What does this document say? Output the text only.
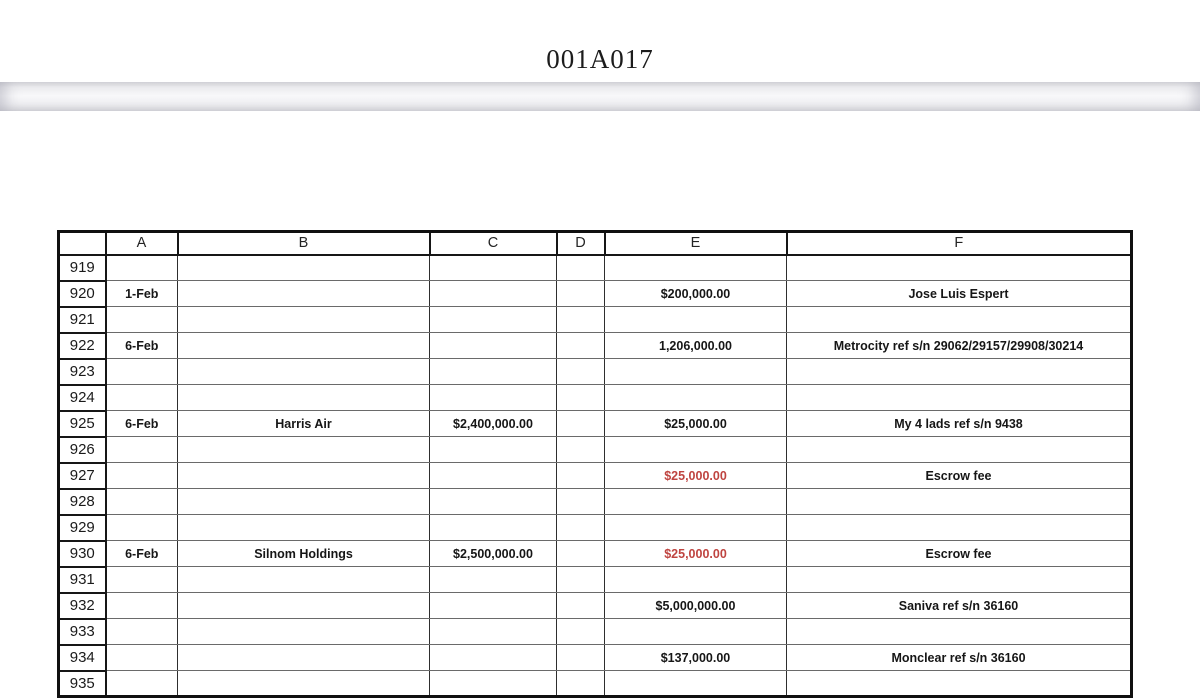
001A017
	A	B	C	D	E	F
919						
920	1-Feb				$200,000.00	Jose Luis Espert
921						
922	6-Feb				1,206,000.00	Metrocity ref s/n 29062/29157/29908/30214
923						
924						
925	6-Feb	Harris Air	$2,400,000.00		$25,000.00	My 4 lads ref s/n 9438
926						
927					$25,000.00	Escrow fee
928						
929						
930	6-Feb	Silnom Holdings	$2,500,000.00		$25,000.00	Escrow fee
931						
932					$5,000,000.00	Saniva ref s/n 36160
933						
934					$137,000.00	Monclear ref s/n 36160
935						
